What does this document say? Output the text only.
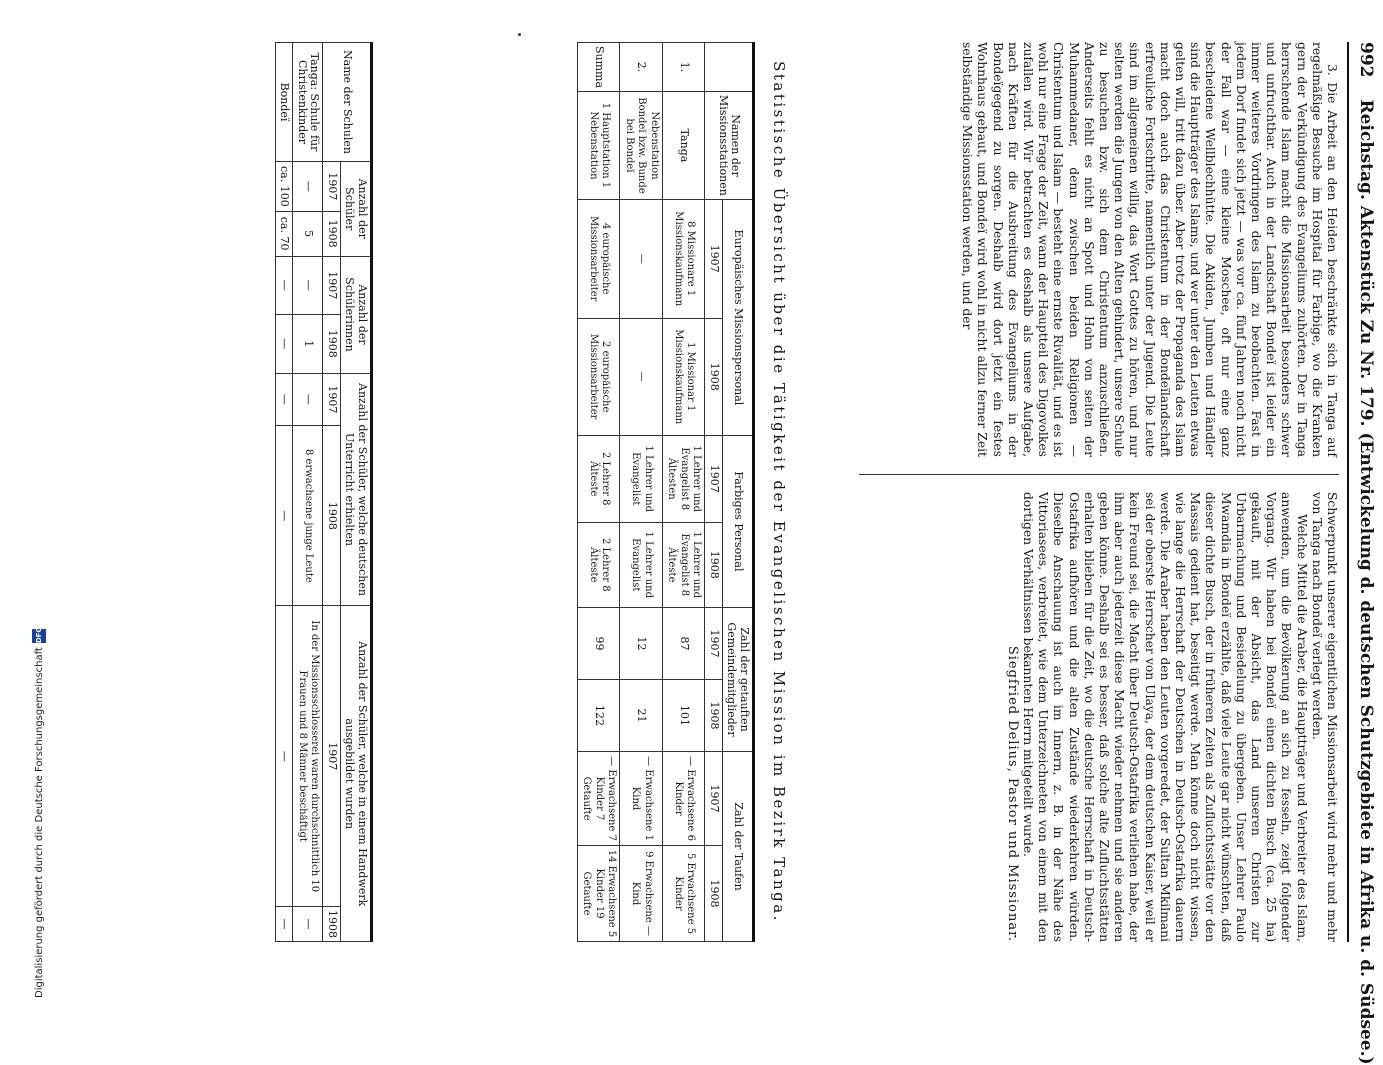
Digitalisierung gefördert durch die Deutsche Forschungsgemeinschaft
DFG
992
Reichstag. Aktenstück Zu Nr. 179. (Entwickelung d. deutschen Schutzgebiete in Afrika u. d. Südsee.)

3. Die Arbeit an den Heiden beschränkte sich in Tanga auf regelmäßige Besuche im Hospital für Farbige, wo die Kranken gern der Verkündigung des Evangeliums zuhörten. Der in Tanga herrschende Islam macht die Missionsarbeit besonders schwer und unfruchtbar. Auch in der Landschaft Bondeï ist leider ein immer weiteres Vordringen des Islam zu beobachten. Fast in jedem Dorf findet sich jetzt — was vor ca. fünf Jahren noch nicht der Fall war — eine kleine Moschee, oft nur eine ganz bescheidene Wellblechhütte. Die Akiden, Jumben und Händler sind die Hauptträger des Islams, und wer unter den Leuten etwas gelten will, tritt dazu über. Aber trotz der Propaganda des Islam macht doch auch das Christentum in der Bondeïlandschaft erfreuliche Fortschritte, namentlich unter der Jugend. Die Leute sind im allgemeinen willig, das Wort Gottes zu hören, und nur selten werden die Jungen von den Alten gehindert, unsere Schule zu besuchen bzw. sich dem Christentum anzuschließen. Anderseits fehlt es nicht an Spott und Hohn von seiten der Muhammedaner, denn zwischen beiden Religionen — Christentum und Islam — besteht eine ernste Rivalität, und es ist wohl nur eine Frage der Zeit, wann der Hauptteil des Digovolkes zufallen wird. Wir betrachten es deshalb als unsere Aufgabe, nach Kräften für die Ausbreitung des Evangeliums in der Bondeïgegend zu sorgen. Deshalb wird dort jetzt ein festes Wohnhaus gebaut, und Bondeï wird wohl in nicht allzu ferner Zeit selbständige Missionsstation werden, und der

Schwerpunkt unserer eigentlichen Missionsarbeit wird mehr und mehr von Tanga nach Bondeï verlegt werden.

Welche Mittel die Araber, die Hauptträger und Verbreiter des Islam, anwenden, um die Bevölkerung an sich zu fesseln, zeigt folgender Vorgang. Wir haben bei Bondeï einen dichten Busch (ca. 25 ha) gekauft, mit der Absicht, das Land unseren Christen zur Urbarmachung und Besiedelung zu übergeben. Unser Lehrer Paulo Mwamdia in Bondeï erzählte, daß viele Leute gar nicht wünschten, daß dieser dichte Busch, der in früheren Zeiten als Zufluchtsstätte vor den Massais gedient hat, beseitigt werde. Man könne doch nicht wissen, wie lange die Herrschaft der Deutschen in Deutsch-Ostafrika dauern werde. Die Araber haben den Leuten vorgeredet, der Sultan Mkilmani sei der oberste Herrscher von Ulaya, der dem deutschen Kaiser, weil er kein Freund sei, die Macht über Deutsch-Ostafrika verliehen habe, der ihm aber auch jederzeit diese Macht wieder nehmen und sie anderen geben könne. Deshalb sei es besser, daß solche alte Zufluchtsstätten erhalten blieben für die Zeit, wo die deutsche Herrschaft in Deutsch-Ostafrika aufhören und die alten Zustände wiederkehren würden. Dieselbe Anschauung ist auch im Innern, z. B. in der Nähe des Vittoriasees, verbreitet, wie dem Unterzeichneten von einem mit den dortigen Verhältnissen bekannten Herrn mitgeteilt wurde.

Siegfried Delius, Pastor und Missionar.

Statistische Übersicht über die Tätigkeit der Evangelischen Mission im Bezirk Tanga.
	Namen der Missionsstationen	Europäisches Missionspersonal		Farbiges Personal		Zahl der getauften Gemeindemitglieder		Zahl der Taufen	
		1907	1908	1907	1908	1907	1908	1907	1908
1.	Tanga	8 Missionare 1 Missionskaufmann	1 Missionar 1 Missionskaufmann	1 Lehrer und Evangelist 8 Ältesten	1 Lehrer und Evangelist 8 Älteste	87	101	— Erwachsene 6 Kinder	5 Erwachsene 5 Kinder
2.	Nebenstation Bondeï bzw. Bunde bei Bondeï	—	—	1 Lehrer und Evangelist	1 Lehrer und Evangelist	12	21	— Erwachsene 1 Kind	9 Erwachsene — Kind
Summa	1 Hauptstation 1 Nebenstation	4 europäische Missionsarbeiter	2 europäische Missionsarbeiter	2 Lehrer 8 Älteste	2 Lehrer 8 Älteste	99	122	— Erwachsene 7 Kinder 7 Getaufte	14 Erwachsene 5 Kinder 19 Getaufte
Name der Schulen	Anzahl der Schüler		Anzahl der Schülerinnen		Anzahl der Schüler, welche deutschen Unterricht erhielten		Anzahl der Schüler, welche in einem Handwerk ausgebildet wurden	
	1907	1908	1907	1908	1907	1908	1907	1908
Tanga: Schule für Christenkinder	—	5	—	1	—	8 erwachsene junge Leute	In der Missionsschlosserei waren durchschnittlich 10 Frauen und 8 Männer beschäftigt	—
Bondeï	ca. 100	ca. 70	—	—	—	—	—	—
